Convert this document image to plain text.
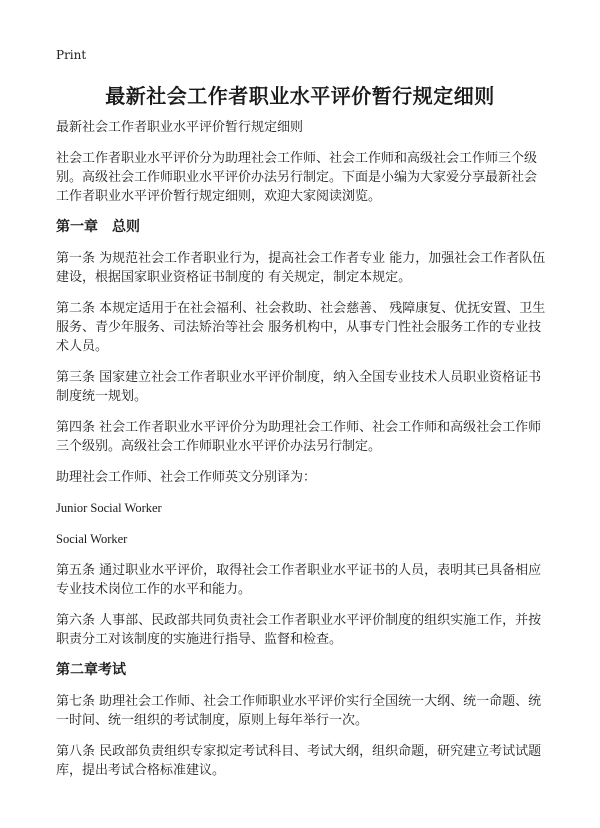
Print
最新社会工作者职业水平评价暂行规定细则

最新社会工作者职业水平评价暂行规定细则

社会工作者职业水平评价分为助理社会工作师、社会工作师和高级社会工作师三个级别。高级社会工作师职业水平评价办法另行制定。下面是小编为大家爱分享最新社会工作者职业水平评价暂行规定细则，欢迎大家阅读浏览。

第一章　总则

第一条 为规范社会工作者职业行为，提高社会工作者专业 能力，加强社会工作者队伍建设，根据国家职业资格证书制度的 有关规定，制定本规定。

第二条 本规定适用于在社会福利、社会救助、社会慈善、 残障康复、优抚安置、卫生服务、青少年服务、司法矫治等社会 服务机构中，从事专门性社会服务工作的专业技术人员。

第三条 国家建立社会工作者职业水平评价制度，纳入全国专业技术人员职业资格证书制度统一规划。

第四条 社会工作者职业水平评价分为助理社会工作师、社会工作师和高级社会工作师三个级别。高级社会工作师职业水平评价办法另行制定。

助理社会工作师、社会工作师英文分别译为：

Junior Social Worker

Social Worker

第五条 通过职业水平评价，取得社会工作者职业水平证书的人员，表明其已具备相应专业技术岗位工作的水平和能力。

第六条 人事部、民政部共同负责社会工作者职业水平评价制度的组织实施工作，并按职责分工对该制度的实施进行指导、监督和检查。

第二章考试

第七条 助理社会工作师、社会工作师职业水平评价实行全国统一大纲、统一命题、统一时间、统一组织的考试制度，原则上每年举行一次。

第八条 民政部负责组织专家拟定考试科目、考试大纲，组织命题，研究建立考试试题库，提出考试合格标准建议。
